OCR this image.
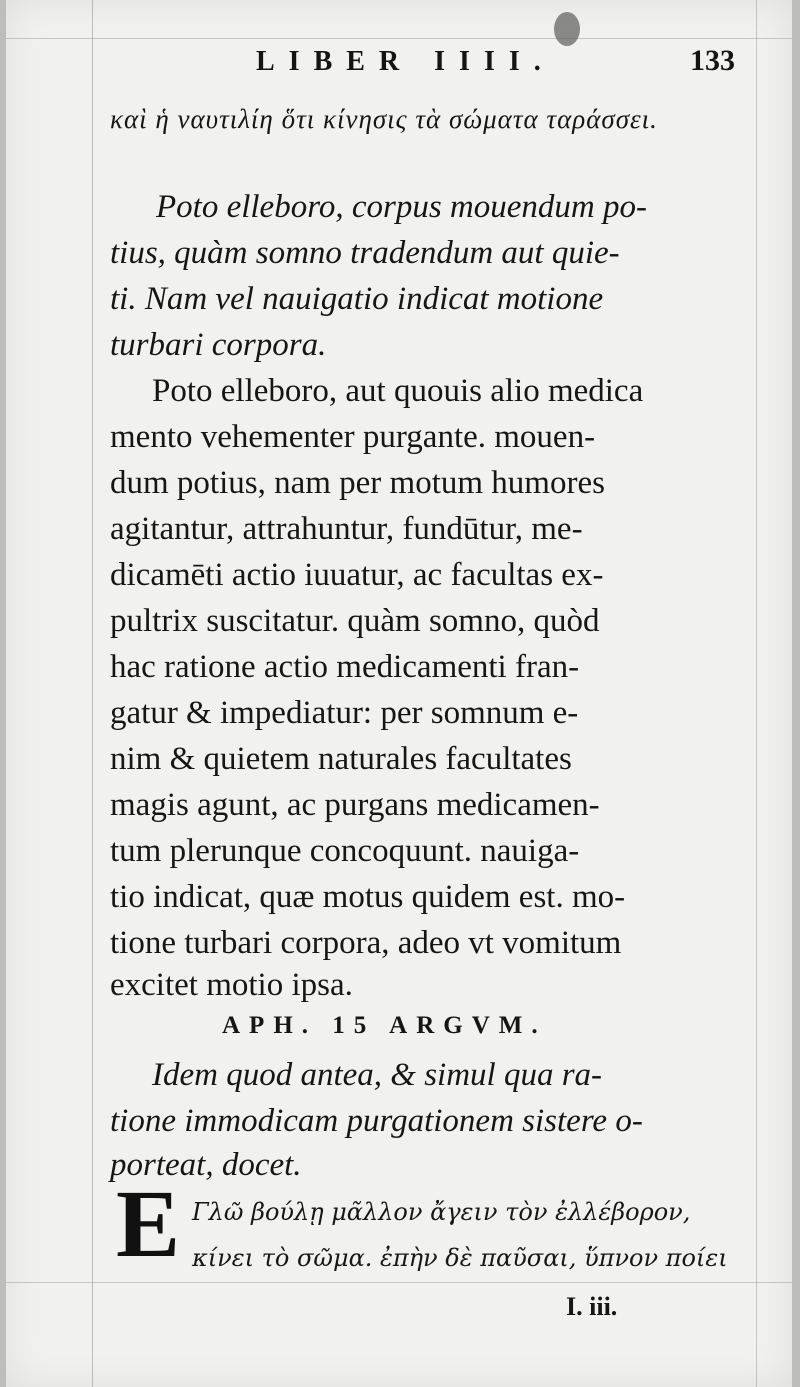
LIBER IIII.	133
καὶ ἡ ναυτιλίη ὅτι κίνησις τὰ σώματα ταράσσει.
Poto elleboro, corpus mouendum po-
tius, quàm somno tradendum aut quie-
ti. Nam vel nauigatio indicat motione
turbari corpora.
Poto elleboro, aut quouis alio medica
mento vehementer purgante. mouen-
dum potius, nam per motum humores
agitantur, attrahuntur, fundūtur, me-
dicamēti actio iuuatur, ac facultas ex-
pultrix suscitatur. quàm somno, quòd
hac ratione actio medicamenti fran-
gatur & impediatur: per somnum e-
nim & quietem naturales facultates
magis agunt, ac purgans medicamen-
tum plerunque concoquunt. nauiga-
tio indicat, quæ motus quidem est. mo-
tione turbari corpora, adeo vt vomitum
excitet motio ipsa.
APH. 15 ARGVM.
Idem quod antea, & simul qua ra-
tione immodicam purgationem sistere o-
porteat, docet.
E Γλῶ βούλῃ μᾶλλον ἄγειν τὸν ἐλλέβορον,
κίνει τὸ σῶμα. ἐπὴν δὲ παῦσαι, ὕπνον ποίει
I. iii.
